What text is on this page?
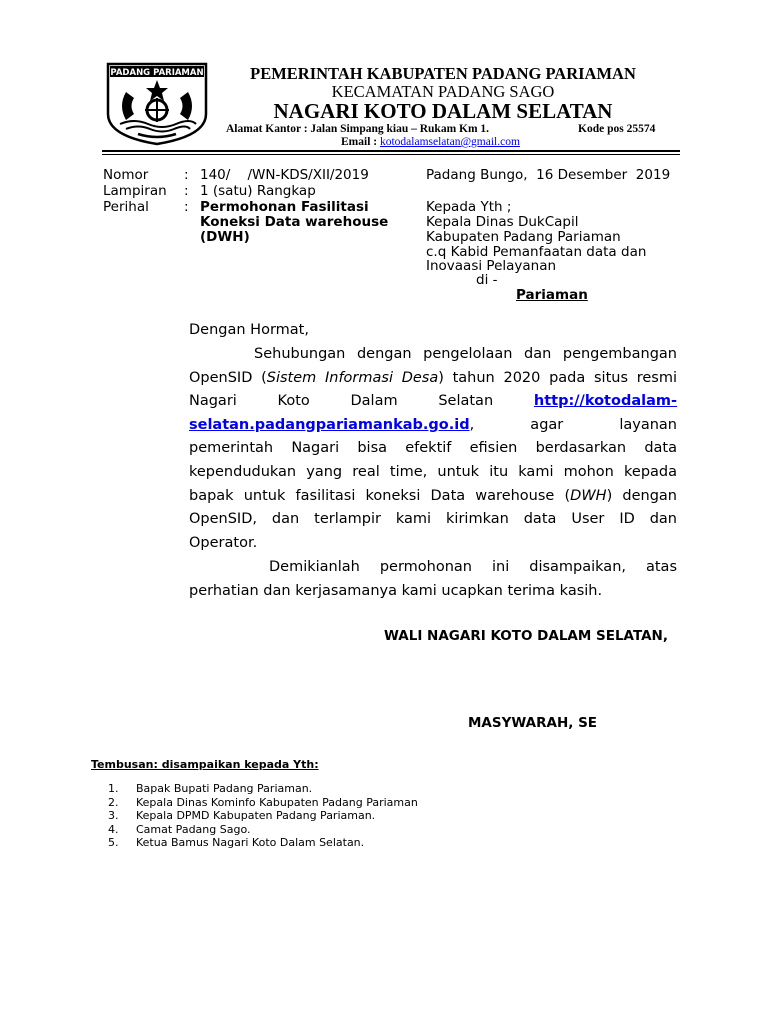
PADANG PARIAMAN	PEMERINTAH KABUPATEN PADANG PARIAMAN
KECAMATAN PADANG SAGO
NAGARI KOTO DALAM SELATAN
Alamat Kantor : Jalan Simpang kiau – Rukam Km 1.	Kode pos 25574
Email : kotodalamselatan@gmail.com
Nomor	: 140/    /WN-KDS/XII/2019
Lampiran : 1 (satu) Rangkap
Perihal	: Permohonan Fasilitasi
Koneksi Data warehouse
(DWH)
Padang Bungo,  16 Desember  2019
Kepada Yth ;
Kepala Dinas DukCapil
Kabupaten Padang Pariaman
c.q Kabid Pemanfaatan data dan
Inovaasi Pelayanan
di -
Pariaman
Dengan Hormat,
Sehubungan dengan pengelolaan dan pengembangan
OpenSID (Sistem Informasi Desa) tahun 2020 pada situs resmi
Nagari Koto Dalam Selatan	http://kotodalam-
selatan.padangpariamankab.go.id, agar layanan
pemerintah Nagari bisa efektif efisien berdasarkan data
kependudukan yang real time, untuk itu kami mohon kepada
bapak untuk fasilitasi koneksi Data warehouse (DWH) dengan
OpenSID, dan terlampir kami kirimkan data User ID dan
Operator.
Demikianlah permohonan ini disampaikan, atas
perhatian dan kerjasamanya kami ucapkan terima kasih.
WALI NAGARI KOTO DALAM SELATAN,
MASYWARAH, SE
Tembusan: disampaikan kepada Yth:
1. Bapak Bupati Padang Pariaman.
2. Kepala Dinas Kominfo Kabupaten Padang Pariaman
3. Kepala DPMD Kabupaten Padang Pariaman.
4. Camat Padang Sago.
5. Ketua Bamus Nagari Koto Dalam Selatan.
